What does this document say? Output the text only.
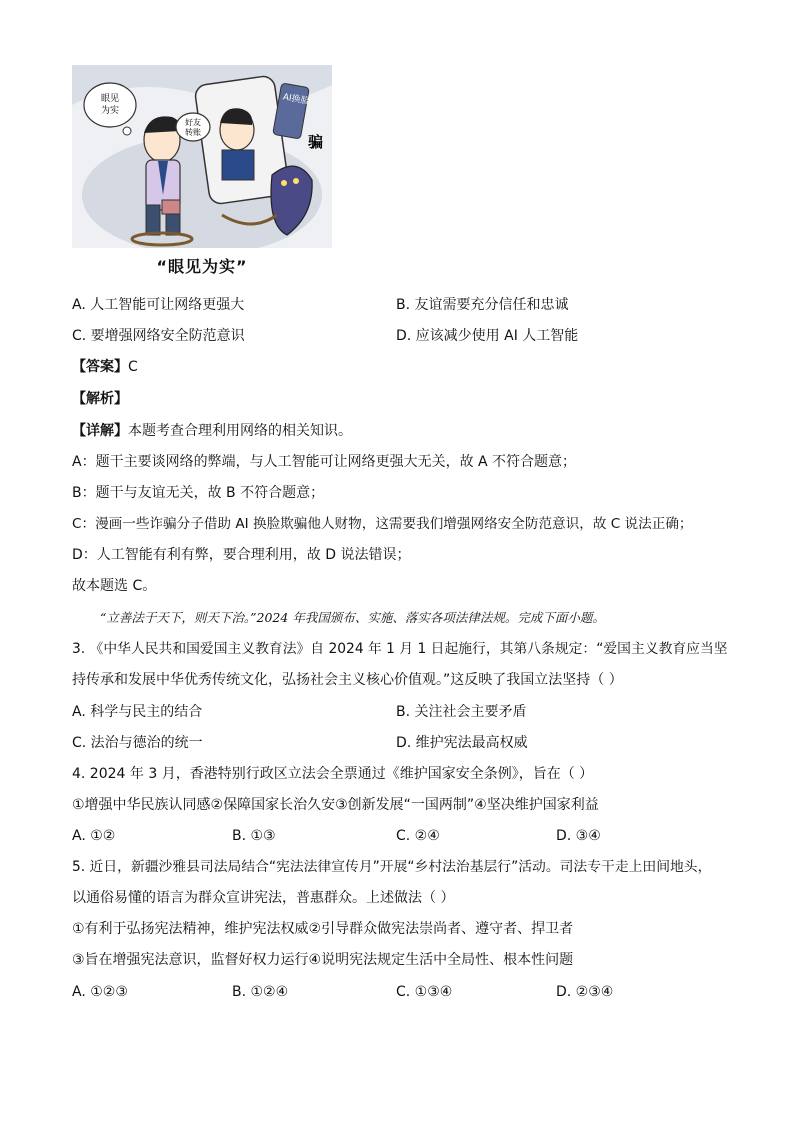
眼见
为实
好友
转账
AI换脸
骗
“眼见为实”
A. 人工智能可让网络更强大	B. 友谊需要充分信任和忠诚
C. 要增强网络安全防范意识	D. 应该减少使用 AI 人工智能
【答案】C
【解析】
【详解】本题考查合理利用网络的相关知识。
A：题干主要谈网络的弊端，与人工智能可让网络更强大无关，故 A 不符合题意；
B：题干与友谊无关，故 B 不符合题意；
C：漫画一些诈骗分子借助 AI 换脸欺骗他人财物，这需要我们增强网络安全防范意识，故 C 说法正确；
D：人工智能有利有弊，要合理利用，故 D 说法错误；
故本题选 C。
“立善法于天下，则天下治。”2024 年我国颁布、实施、落实各项法律法规。完成下面小题。
3. 《中华人民共和国爱国主义教育法》自 2024 年 1 月 1 日起施行，其第八条规定：“爱国主义教育应当坚
持传承和发展中华优秀传统文化，弘扬社会主义核心价值观。”这反映了我国立法坚持（ ）
A. 科学与民主的结合	B. 关注社会主要矛盾
C. 法治与德治的统一	D. 维护宪法最高权威
4. 2024 年 3 月，香港特别行政区立法会全票通过《维护国家安全条例》，旨在（ ）
①增强中华民族认同感②保障国家长治久安③创新发展“一国两制”④坚决维护国家利益
A. ①②	B. ①③	C. ②④	D. ③④
5. 近日，新疆沙雅县司法局结合“宪法法律宣传月”开展“乡村法治基层行”活动。司法专干走上田间地头，
以通俗易懂的语言为群众宣讲宪法，普惠群众。上述做法（ ）
①有利于弘扬宪法精神，维护宪法权威②引导群众做宪法崇尚者、遵守者、捍卫者
③旨在增强宪法意识，监督好权力运行④说明宪法规定生活中全局性、根本性问题
A. ①②③	B. ①②④	C. ①③④	D. ②③④
